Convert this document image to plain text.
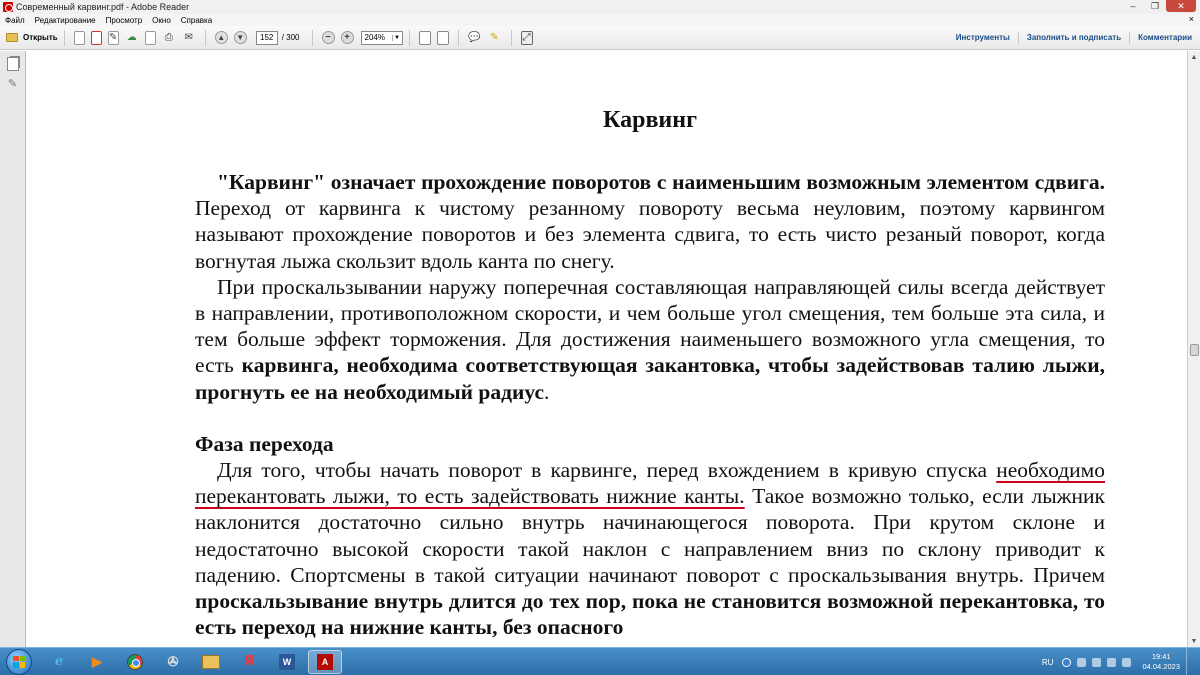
Современный карвинг.pdf - Adobe Reader	–	❐	✕
Файл	Редактирование	Просмотр	Окно	Справка	×
Открыть	✎ ☁	⎙	✉	▲	▼	152	/ 300	−	+	204%	▼	💬 ✎ ⤢	Инструменты	Заполнить и подписать	Комментарии
✎
Карвинг

"Карвинг" означает прохождение поворотов с наименьшим возможным элементом сдвига. Переход от карвинга к чистому резанному повороту весьма неуловим, поэтому карвингом называют прохождение поворотов и без элемента сдвига, то есть чисто резаный поворот, когда вогнутая лыжа скользит вдоль канта по снегу.

При проскальзывании наружу поперечная составляющая направляющей силы всегда действует в направлении, противоположном скорости, и чем больше угол смещения, тем больше эта сила, и тем больше эффект торможения. Для достижения наименьшего возможного угла смещения, то есть карвинга, необходима соответствующая закантовка, чтобы задействовав талию лыжи, прогнуть ее на необходимый радиус.

Фаза перехода

Для того, чтобы начать поворот в карвинге, перед вхождением в кривую спуска необходимо перекантовать лыжи, то есть задействовать нижние канты. Такое возможно только, если лыжник наклонится достаточно сильно внутрь начинающегося поворота. При крутом склоне и недостаточно высокой скорости такой наклон с направлением вниз по склону приводит к падению. Спортсмены в такой ситуации начинают поворот с проскальзывания внутрь. Причем проскальзывание внутрь длится до тех пор, пока не становится возможной перекантовка, то есть переход на нижние канты, без опасного

▲
▼
e ▶	✇	Я	W	A	RU
19:41
04.04.2023
